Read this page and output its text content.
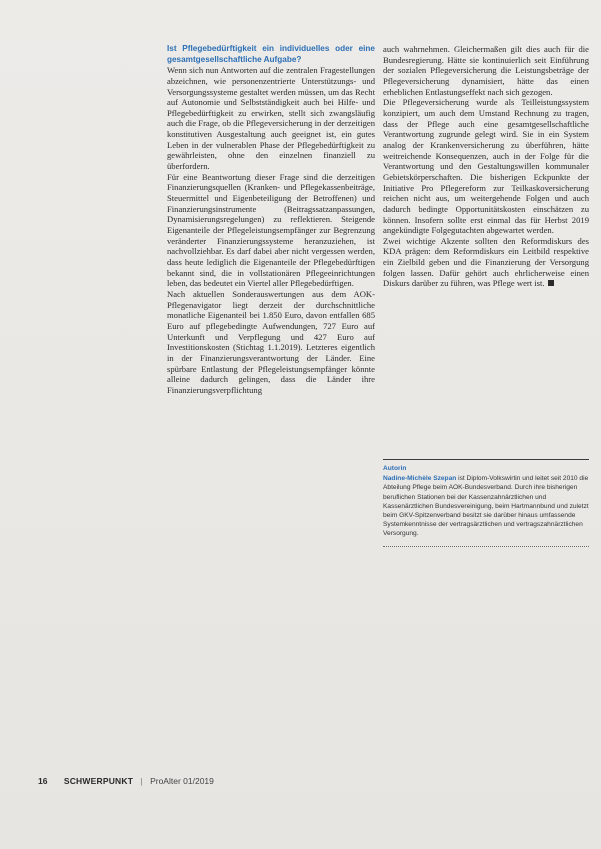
Ist Pflegebedürftigkeit ein individuelles oder eine gesamtgesellschaftliche Aufgabe?

Wenn sich nun Antworten auf die zentralen Fragestellungen abzeichnen, wie personenzentrierte Unterstützungs- und Versorgungssysteme gestaltet werden müssen, um das Recht auf Autonomie und Selbstständigkeit auch bei Hilfe- und Pflegebedürftigkeit zu erwirken, stellt sich zwangsläufig auch die Frage, ob die Pflegeversicherung in der derzeitigen konstitutiven Ausgestaltung auch geeignet ist, ein gutes Leben in der vulnerablen Phase der Pflegebedürftigkeit zu gewährleisten, ohne den einzelnen finanziell zu überfordern.

Für eine Beantwortung dieser Frage sind die derzeitigen Finanzierungsquellen (Kranken- und Pflegekassenbeiträge, Steuermittel und Eigenbeteiligung der Betroffenen) und Finanzierungsinstrumente (Beitragssatzanpassungen, Dynamisierungsregelungen) zu reflektieren. Steigende Eigenanteile der Pflegeleistungsempfänger zur Begrenzung veränderter Finanzierungssysteme heranzuziehen, ist nachvollziehbar. Es darf dabei aber nicht vergessen werden, dass heute lediglich die Eigenanteile der Pflegebedürftigen bekannt sind, die in vollstationären Pflegeeinrichtungen leben, das bedeutet ein Viertel aller Pflegebedürftigen.

Nach aktuellen Sonderauswertungen aus dem AOK-Pflegenavigator liegt derzeit der durchschnittliche monatliche Eigenanteil bei 1.850 Euro, davon entfallen 685 Euro auf pflegebedingte Aufwendungen, 727 Euro auf Unterkunft und Verpflegung und 427 Euro auf Investitionskosten (Stichtag 1.1.2019). Letzteres eigentlich in der Finanzierungsverantwortung der Länder. Eine spürbare Entlastung der Pflegeleistungsempfänger könnte alleine dadurch gelingen, dass die Länder ihre Finanzierungsverpflichtung

auch wahrnehmen. Gleichermaßen gilt dies auch für die Bundesregierung. Hätte sie kontinuierlich seit Einführung der sozialen Pflegeversicherung die Leistungsbeträge der Pflegeversicherung dynamisiert, hätte das einen erheblichen Entlastungseffekt nach sich gezogen.

Die Pflegeversicherung wurde als Teilleistungssystem konzipiert, um auch dem Umstand Rechnung zu tragen, dass der Pflege auch eine gesamtgesellschaftliche Verantwortung zugrunde gelegt wird. Sie in ein System analog der Krankenversicherung zu überführen, hätte weitreichende Konsequenzen, auch in der Folge für die Verantwortung und den Gestaltungswillen kommunaler Gebietskörperschaften. Die bisherigen Eckpunkte der Initiative Pro Pflegereform zur Teilkaskoversicherung reichen nicht aus, um weitergehende Folgen und auch dadurch bedingte Opportunitätskosten einschätzen zu können. Insofern sollte erst einmal das für Herbst 2019 angekündigte Folgegutachten abgewartet werden.

Zwei wichtige Akzente sollten den Reformdiskurs des KDA prägen: dem Reformdiskurs ein Leitbild respektive ein Zielbild geben und die Finanzierung der Versorgung folgen lassen. Dafür gehört auch ehrlicherweise einen Diskurs darüber zu führen, was Pflege wert ist.

Autorin
Nadine-Michèle Szepan ist Diplom-Volkswirtin und leitet seit 2010 die Abteilung Pflege beim AOK-Bundesverband. Durch ihre bisherigen beruflichen Stationen bei der Kassenzahnärztlichen und Kassenärztlichen Bundesvereinigung, beim Hartmannbund und zuletzt beim GKV-Spitzenverband besitzt sie darüber hinaus umfassende Systemkenntnisse der vertragsärztlichen und vertragszahnärztlichen Versorgung.
16 SCHWERPUNKT | ProAlter 01/2019
